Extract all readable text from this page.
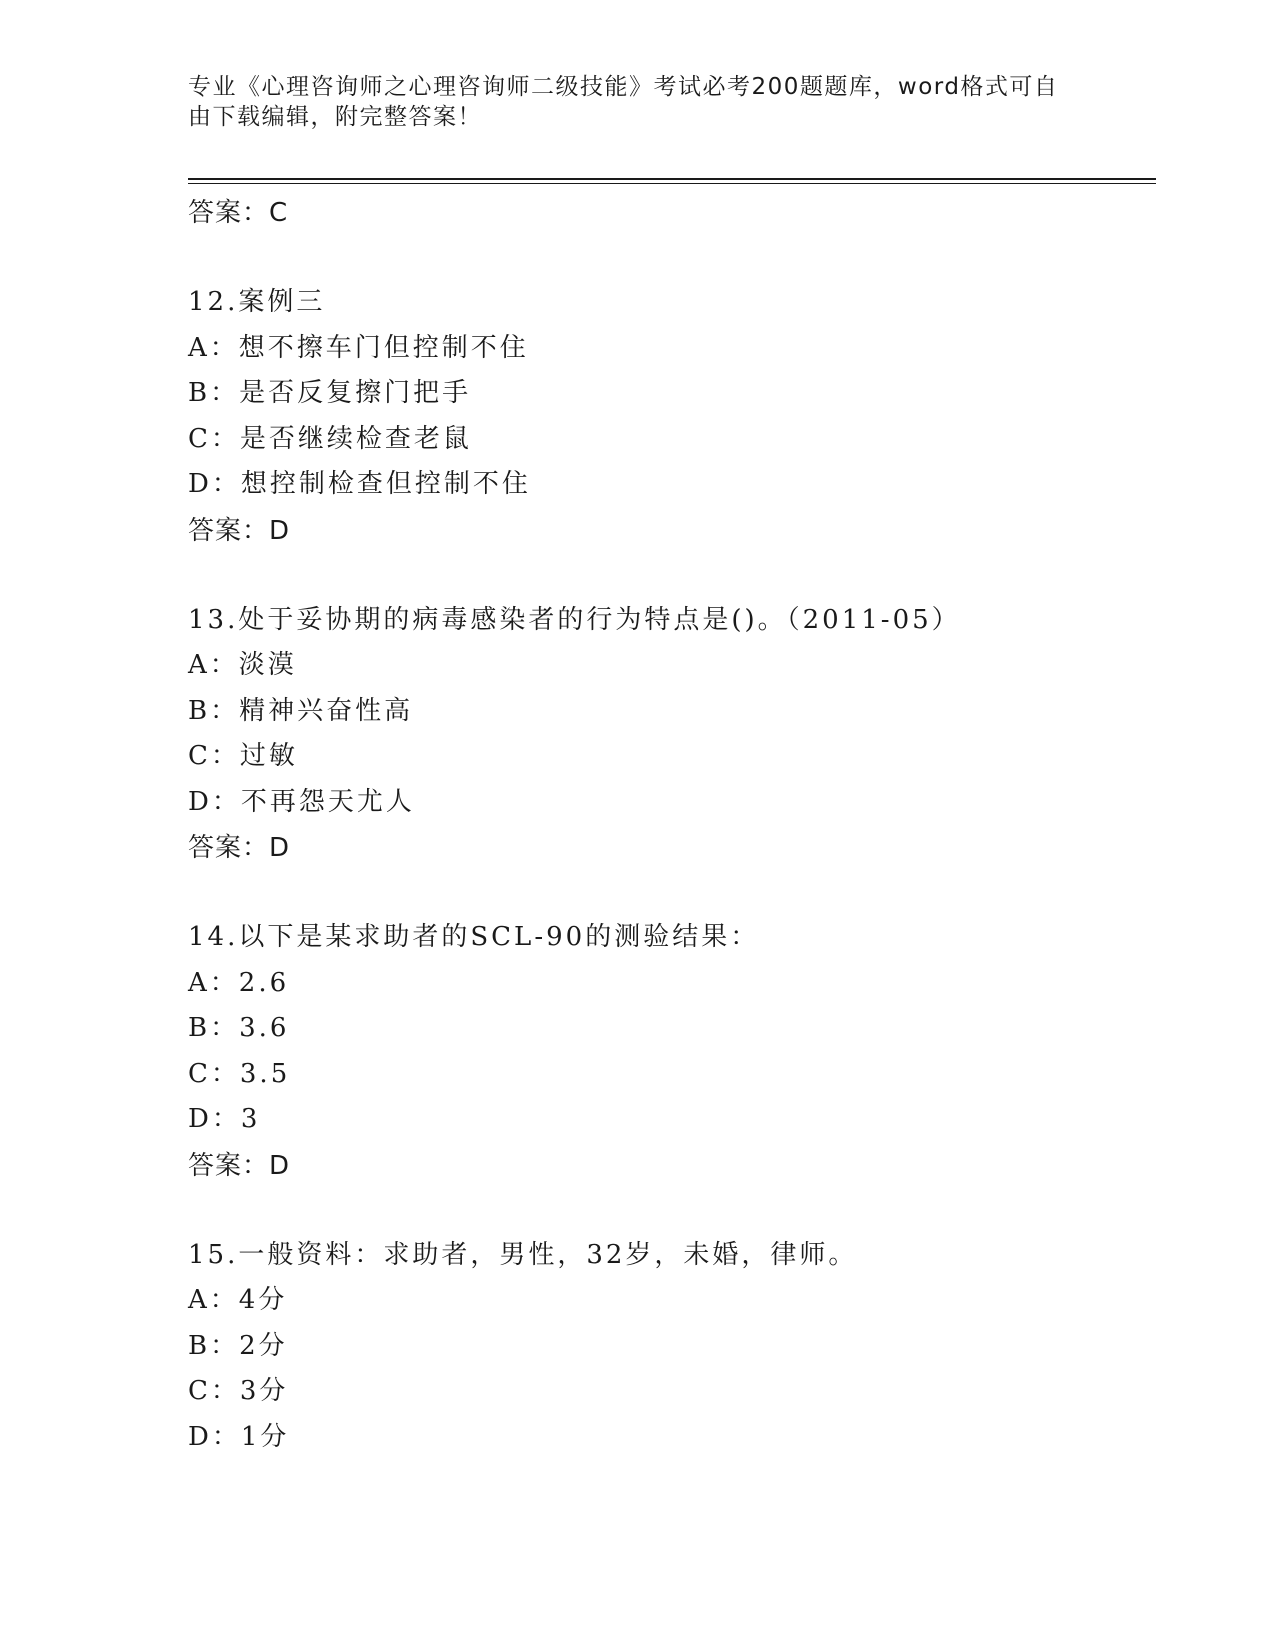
专业《心理咨询师之心理咨询师二级技能》考试必考200题题库，word格式可自
由下载编辑，附完整答案！
答案：C
12.案例三
A：想不擦车门但控制不住
B：是否反复擦门把手
C：是否继续检查老鼠
D：想控制检查但控制不住
答案：D
13.处于妥协期的病毒感染者的行为特点是()。（2011-05）
A：淡漠
B：精神兴奋性高
C：过敏
D：不再怨天尤人
答案：D
14.以下是某求助者的SCL-90的测验结果：
A：2.6
B：3.6
C：3.5
D：3
答案：D
15.一般资料：求助者，男性，32岁，未婚，律师。
A：4分
B：2分
C：3分
D：1分
